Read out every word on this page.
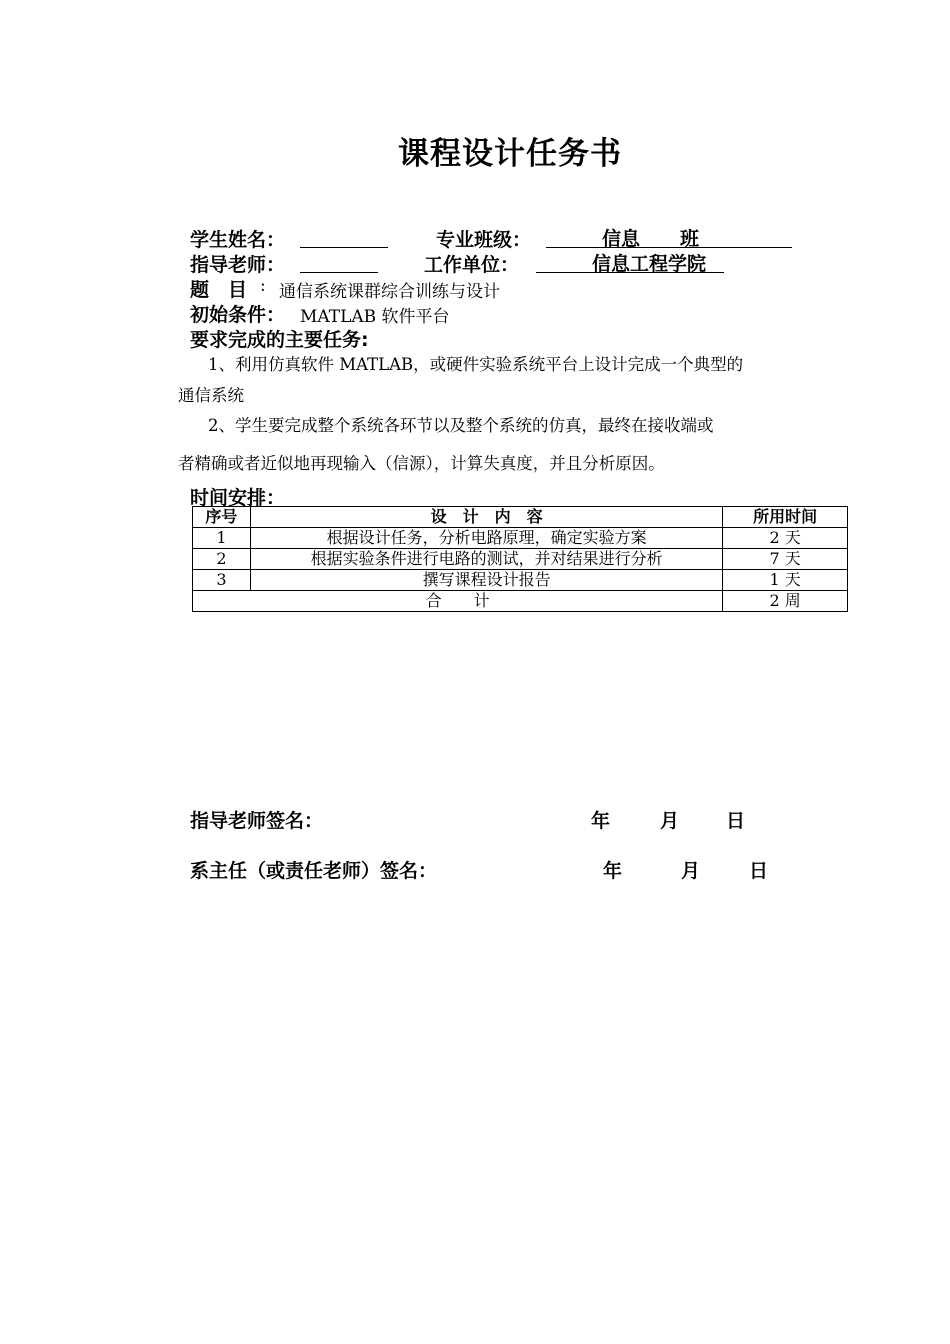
课程设计任务书
学生姓名：	专业班级：	信息 班
指导老师：	工作单位：	信息工程学院
题　目 : 通信系统课群综合训练与设计
初始条件： MATLAB 软件平台
要求完成的主要任务:
1、利用仿真软件 MATLAB，或硬件实验系统平台上设计完成一个典型的
通信系统
2、学生要完成整个系统各环节以及整个系统的仿真，最终在接收端或
者精确或者近似地再现输入（信源），计算失真度，并且分析原因。
时间安排：
序号	设　计　内　容	所用时间
1	根据设计任务，分析电路原理，确定实验方案	2 天
2	根据实验条件进行电路的测试，并对结果进行分析	7 天
3	撰写课程设计报告	1 天
合　　计		2 周
指导老师签名：	年	月 日
系主任（或责任老师）签名：	年	月	日
